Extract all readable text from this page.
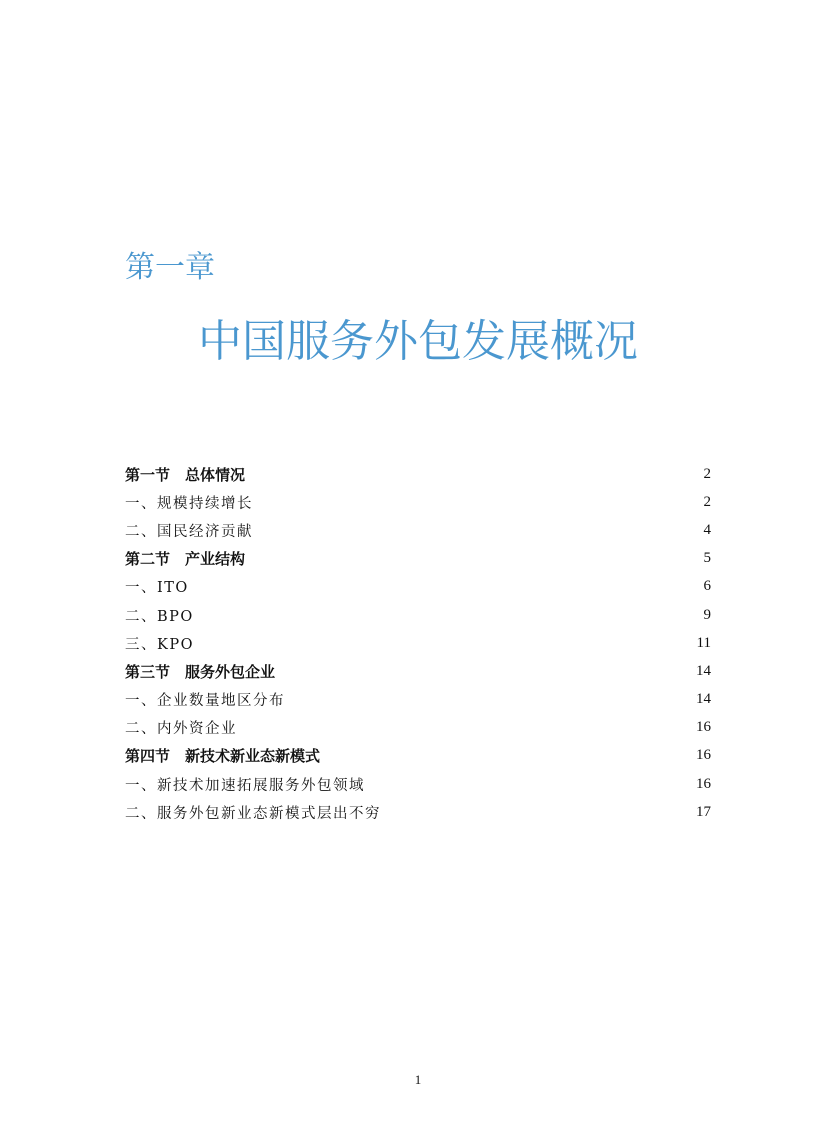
第一章
中国服务外包发展概况
第一节　总体情况	2
一、规模持续增长	2
二、国民经济贡献	4
第二节　产业结构	5
一、ITO	6
二、BPO	9
三、KPO	11
第三节　服务外包企业	14
一、企业数量地区分布	14
二、内外资企业	16
第四节　新技术新业态新模式	16
一、新技术加速拓展服务外包领域	16
二、服务外包新业态新模式层出不穷	17
1
